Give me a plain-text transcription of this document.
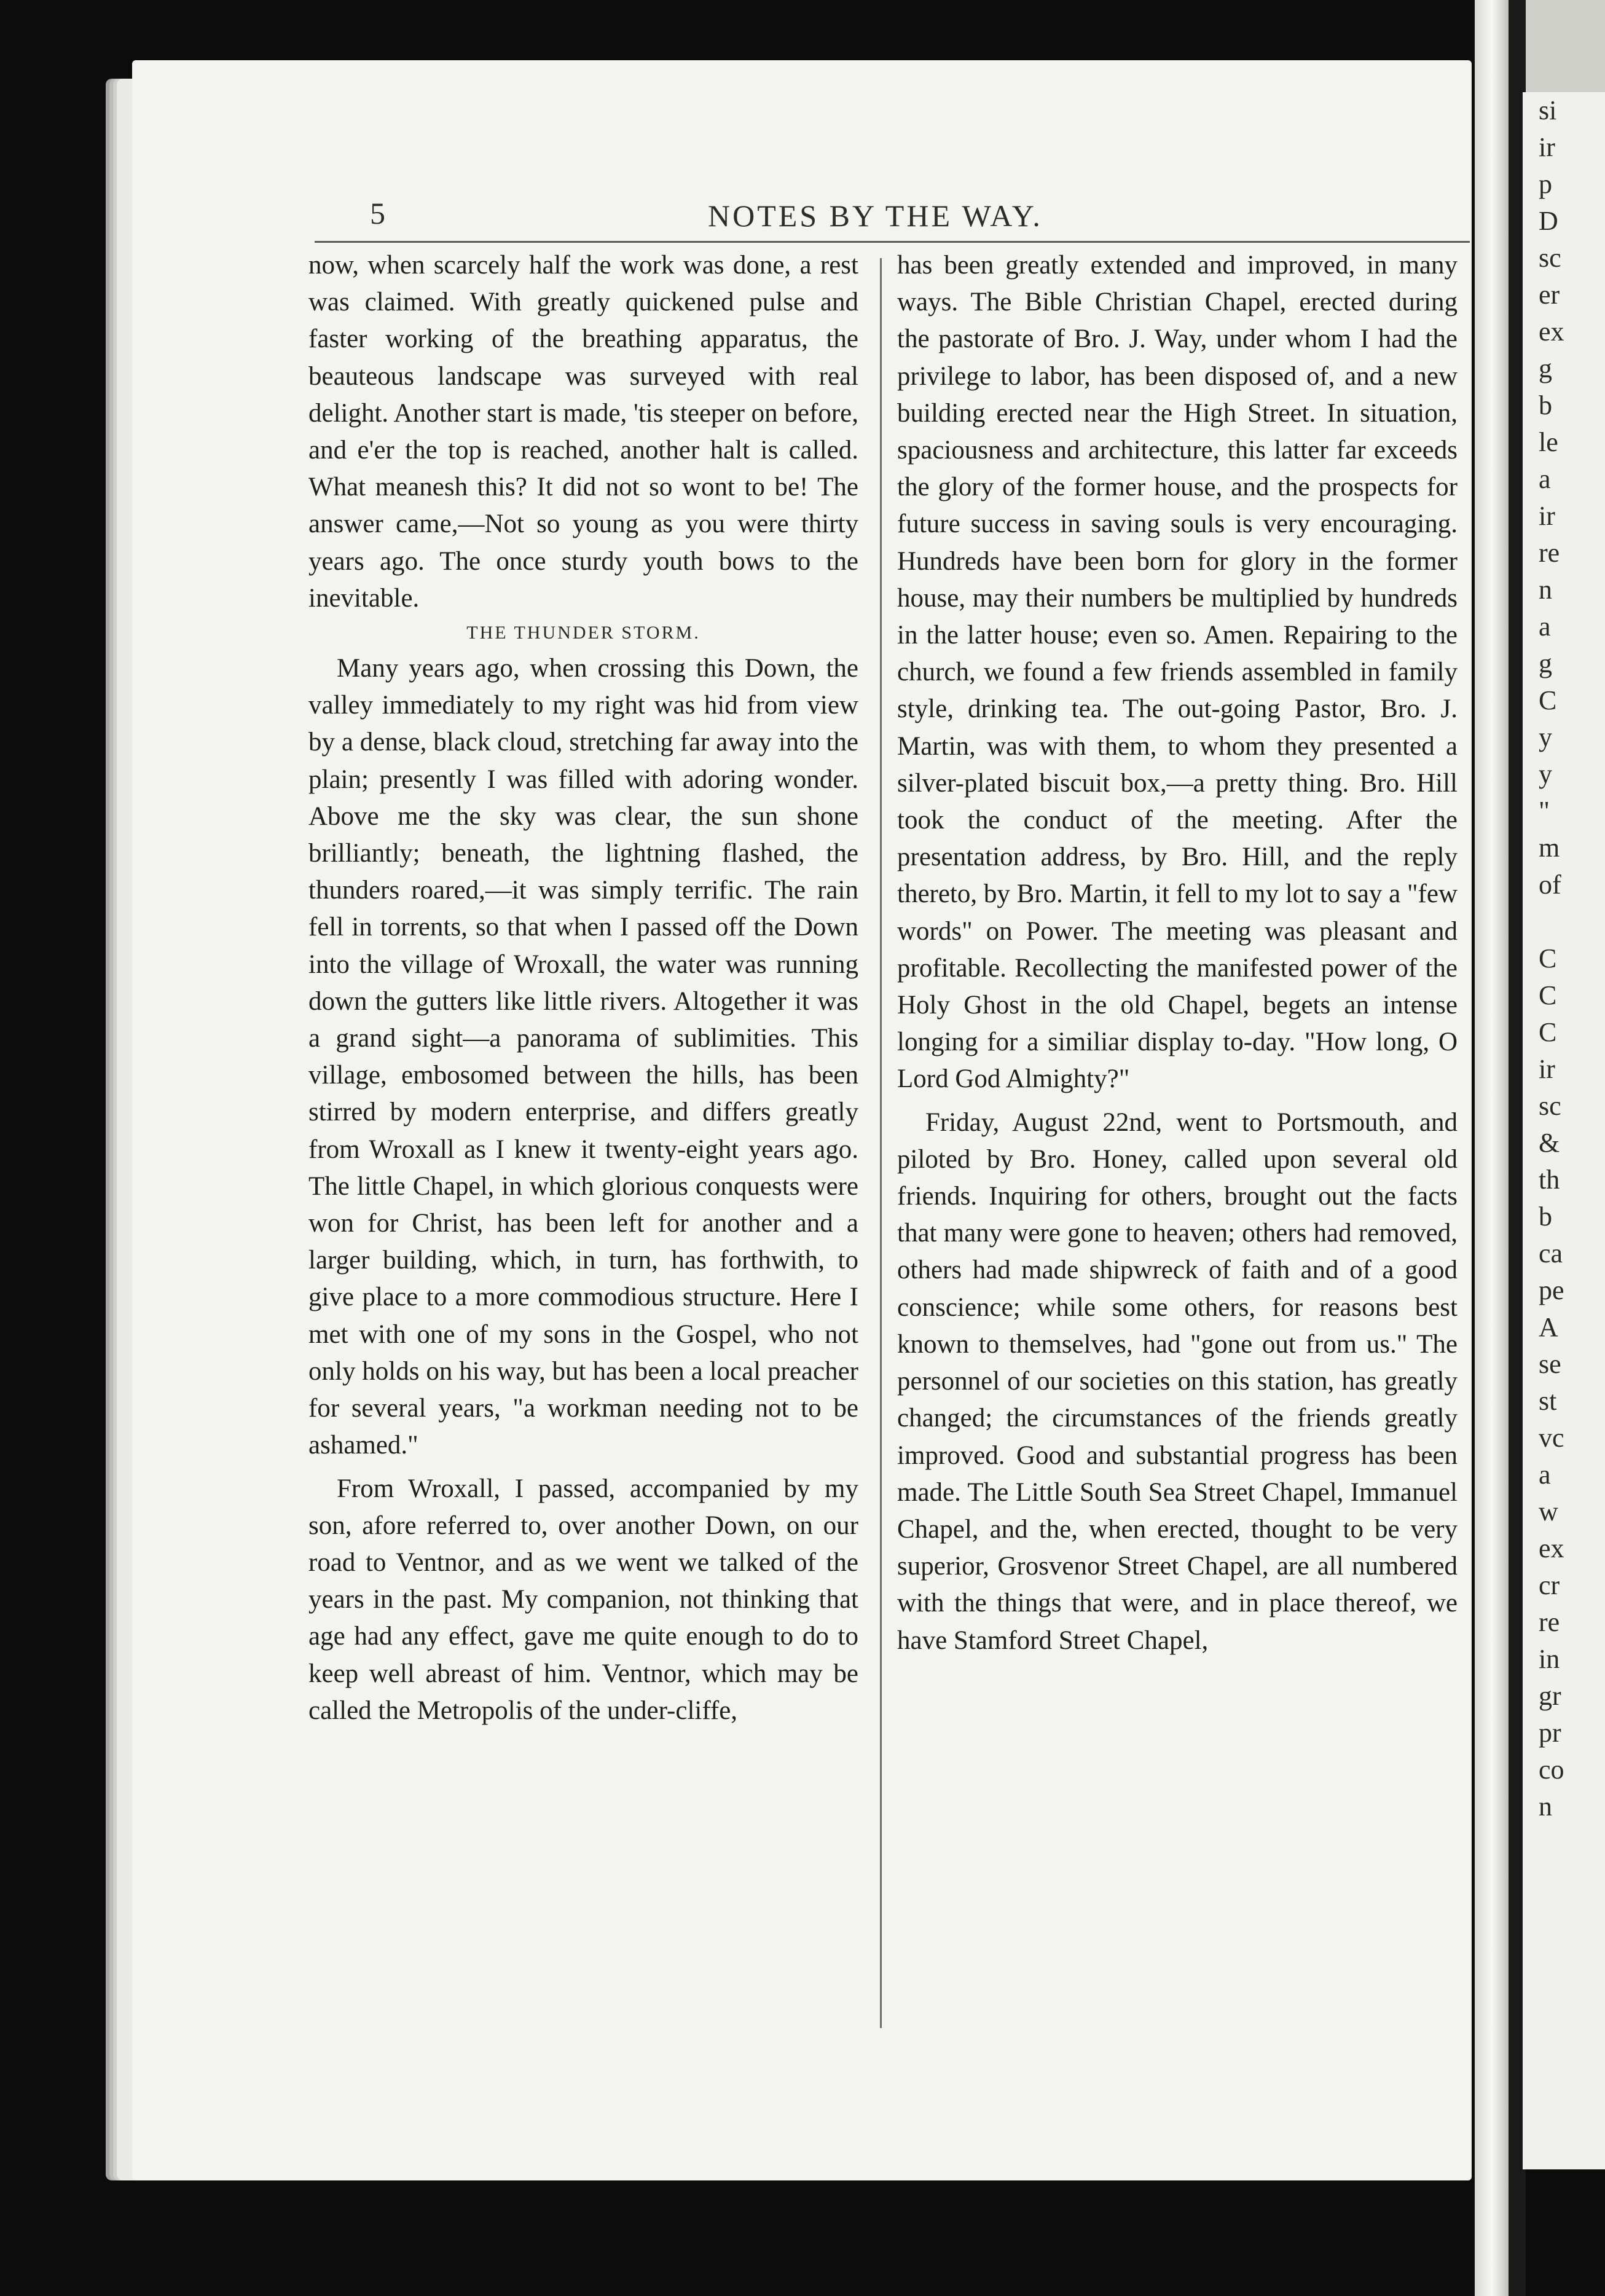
si
ir
p
D
sc
er
ex
g
b
le
a
ir
re
n
a
g
C
y
y
"
m
of

C
C
C
ir
sc
&
th
b
ca
pe
A
se
st
vc
a
w
ex
cr
re
in
gr
pr
co
n
5	NOTES BY THE WAY.

now, when scarcely half the work was done, a rest was claimed. With greatly quickened pulse and faster working of the breathing apparatus, the beauteous landscape was surveyed with real delight. Another start is made, 'tis steeper on before, and e'er the top is reached, another halt is called. What meanesh this? It did not so wont to be! The answer came,—Not so young as you were thirty years ago. The once sturdy youth bows to the inevitable.

THE THUNDER STORM.

Many years ago, when crossing this Down, the valley immediately to my right was hid from view by a dense, black cloud, stretching far away into the plain; presently I was filled with adoring wonder. Above me the sky was clear, the sun shone brilliantly; beneath, the lightning flashed, the thunders roared,—it was simply terrific. The rain fell in torrents, so that when I passed off the Down into the village of Wroxall, the water was running down the gutters like little rivers. Altogether it was a grand sight—a panorama of sublimities. This village, embosomed between the hills, has been stirred by modern enterprise, and differs greatly from Wroxall as I knew it twenty-eight years ago. The little Chapel, in which glorious conquests were won for Christ, has been left for another and a larger building, which, in turn, has forthwith, to give place to a more commodious structure. Here I met with one of my sons in the Gospel, who not only holds on his way, but has been a local preacher for several years, "a workman needing not to be ashamed."

From Wroxall, I passed, accompanied by my son, afore referred to, over another Down, on our road to Ventnor, and as we went we talked of the years in the past. My companion, not thinking that age had any effect, gave me quite enough to do to keep well abreast of him. Ventnor, which may be called the Metropolis of the under-cliffe,

has been greatly extended and improved, in many ways. The Bible Christian Chapel, erected during the pastorate of Bro. J. Way, under whom I had the privilege to labor, has been disposed of, and a new building erected near the High Street. In situation, spaciousness and architecture, this latter far exceeds the glory of the former house, and the prospects for future success in saving souls is very encouraging. Hundreds have been born for glory in the former house, may their numbers be multiplied by hundreds in the latter house; even so. Amen. Repairing to the church, we found a few friends assembled in family style, drinking tea. The out-going Pastor, Bro. J. Martin, was with them, to whom they presented a silver-plated biscuit box,—a pretty thing. Bro. Hill took the conduct of the meeting. After the presentation address, by Bro. Hill, and the reply thereto, by Bro. Martin, it fell to my lot to say a "few words" on Power. The meeting was pleasant and profitable. Recollecting the manifested power of the Holy Ghost in the old Chapel, begets an intense longing for a similiar display to-day. "How long, O Lord God Almighty?"

Friday, August 22nd, went to Portsmouth, and piloted by Bro. Honey, called upon several old friends. Inquiring for others, brought out the facts that many were gone to heaven; others had removed, others had made shipwreck of faith and of a good conscience; while some others, for reasons best known to themselves, had "gone out from us." The personnel of our societies on this station, has greatly changed; the circumstances of the friends greatly improved. Good and substantial progress has been made. The Little South Sea Street Chapel, Immanuel Chapel, and the, when erected, thought to be very superior, Grosvenor Street Chapel, are all numbered with the things that were, and in place thereof, we have Stamford Street Chapel,
